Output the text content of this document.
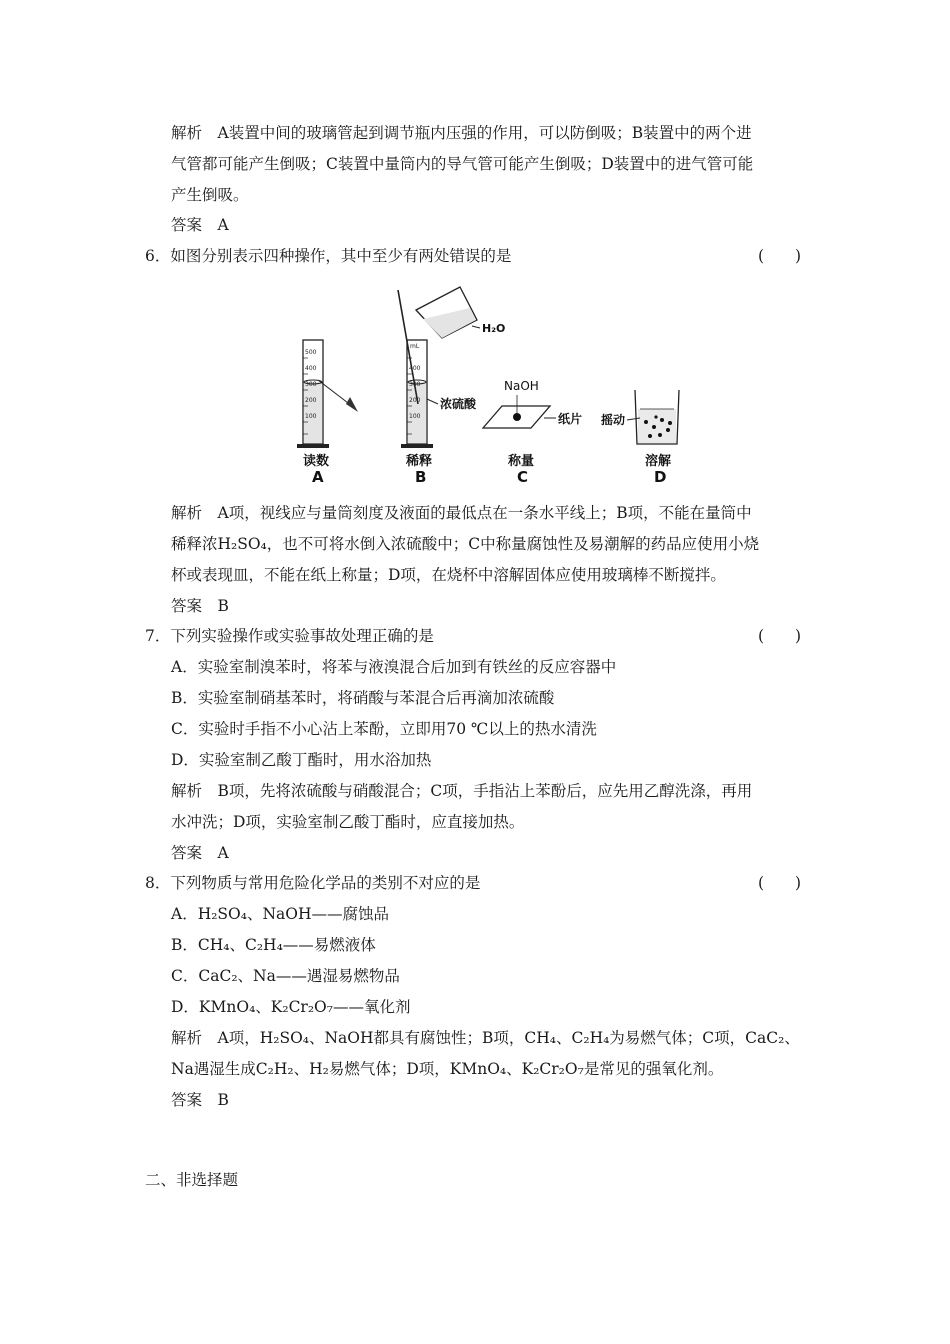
解析　 A装置中间的玻璃管起到调节瓶内压强的作用，可以防倒吸；B装置中的两个进
气管都可能产生倒吸；C装置中量筒内的导气管可能产生倒吸；D装置中的进气管可能
产生倒吸。
答案　 A
6．如图分别表示四种操作，其中至少有两处错误的是	(　　)
500
400
300
200
100
mL
400
300
200
100
H₂O
浓硫酸
NaOH
纸片 摇动
读数	稀释	称量	溶解
A	B	C	D
解析　 A项，视线应与量筒刻度及液面的最低点在一条水平线上；B项，不能在量筒中
稀释浓H₂SO₄，也不可将水倒入浓硫酸中；C中称量腐蚀性及易潮解的药品应使用小烧
杯或表现皿，不能在纸上称量；D项，在烧杯中溶解固体应使用玻璃棒不断搅拌。
答案　 B
7．下列实验操作或实验事故处理正确的是	(　　)
A．实验室制溴苯时，将苯与液溴混合后加到有铁丝的反应容器中
B．实验室制硝基苯时，将硝酸与苯混合后再滴加浓硫酸
C．实验时手指不小心沾上苯酚，立即用70 ℃以上的热水清洗
D．实验室制乙酸丁酯时，用水浴加热
解析　 B项，先将浓硫酸与硝酸混合；C项，手指沾上苯酚后，应先用乙醇洗涤，再用
水冲洗；D项，实验室制乙酸丁酯时，应直接加热。
答案　 A
8．下列物质与常用危险化学品的类别不对应的是	(　　)
A．H₂SO₄、NaOH——腐蚀品
B．CH₄、C₂H₄——易燃液体
C．CaC₂、Na——遇湿易燃物品
D．KMnO₄、K₂Cr₂O₇——氧化剂
解析　 A项，H₂SO₄、NaOH都具有腐蚀性；B项，CH₄、C₂H₄为易燃气体；C项，CaC₂、
Na遇湿生成C₂H₂、H₂易燃气体；D项，KMnO₄、K₂Cr₂O₇是常见的强氧化剂。
答案　 B
二、非选择题
